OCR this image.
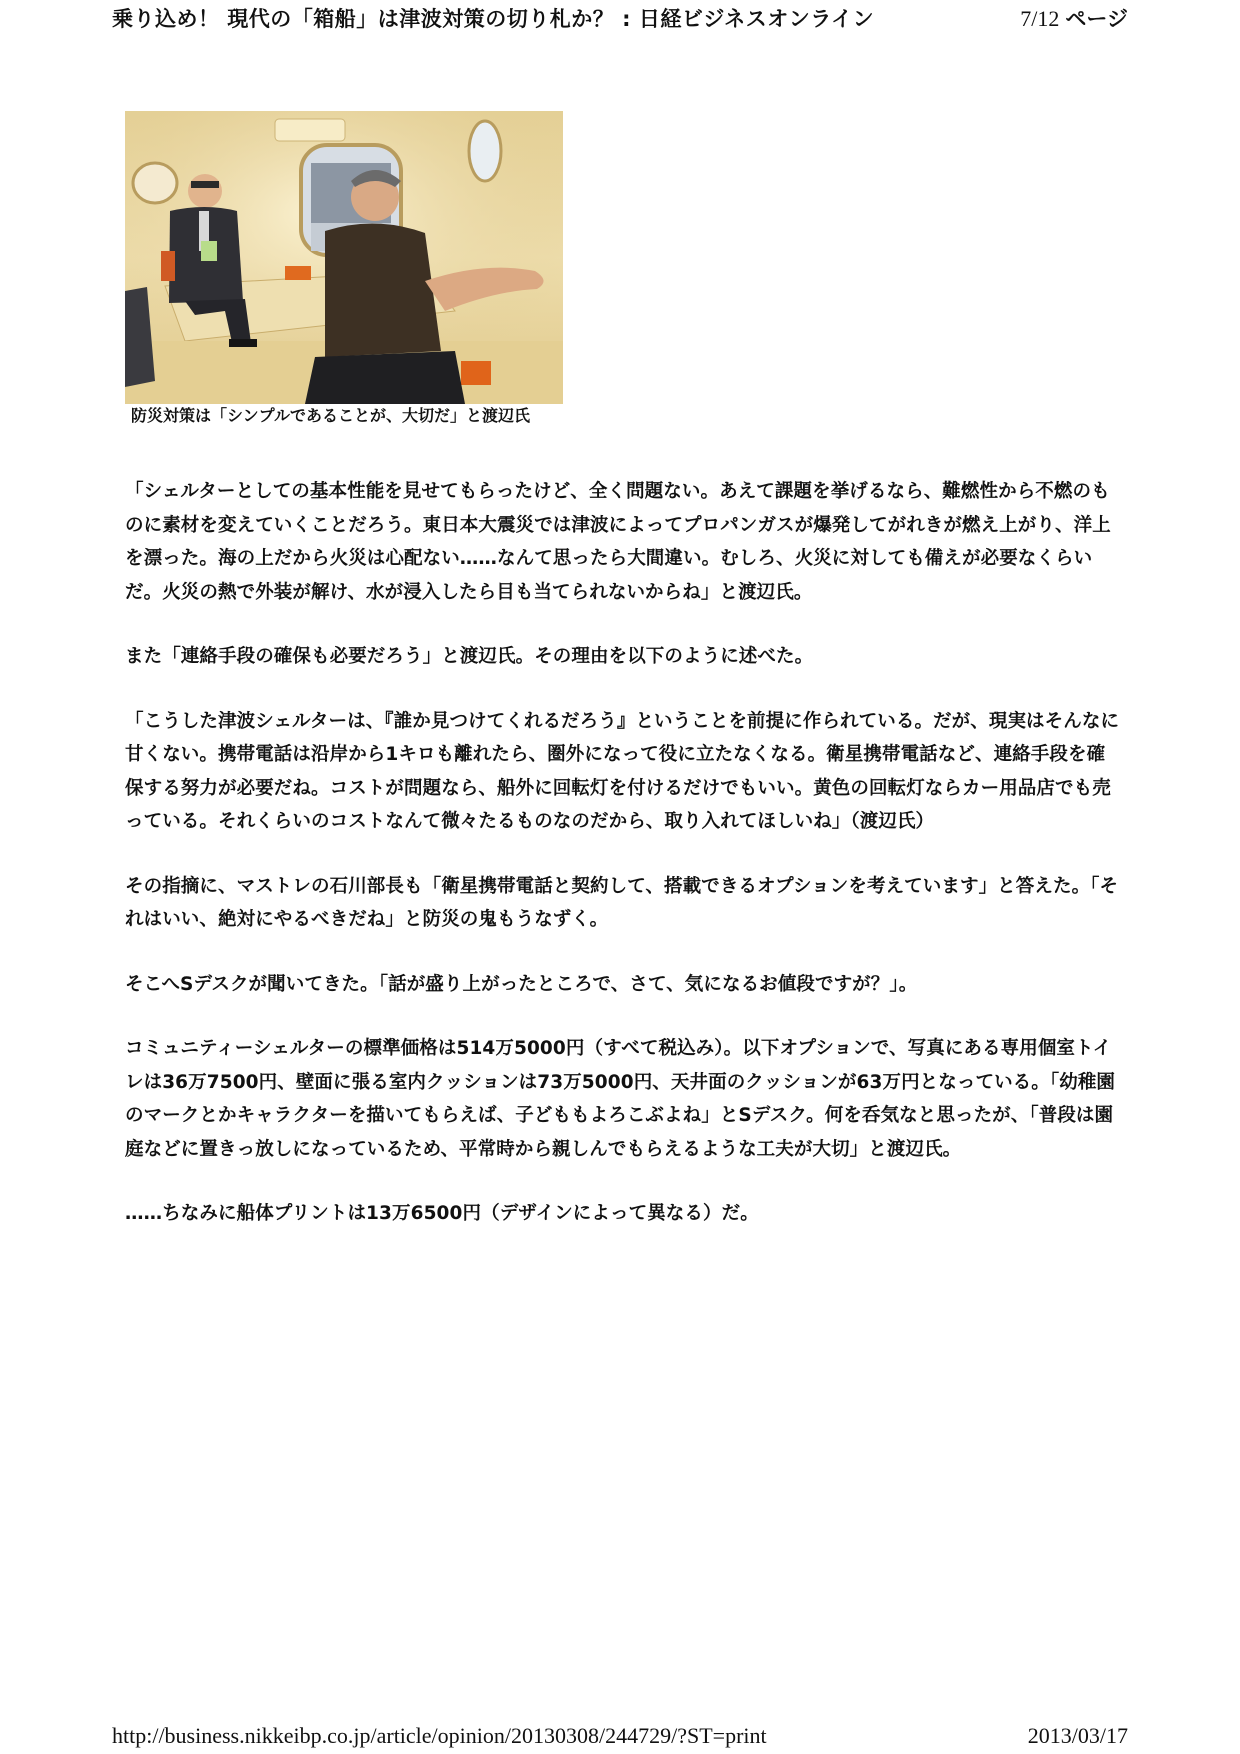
乗り込め！ 現代の「箱船」は津波対策の切り札か？ : 日経ビジネスオンライン	7/12 ページ
防災対策は「シンプルであることが、大切だ」と渡辺氏

「シェルターとしての基本性能を見せてもらったけど、全く問題ない。あえて課題を挙げるなら、難燃性から不燃のものに素材を変えていくことだろう。東日本大震災では津波によってプロパンガスが爆発してがれきが燃え上がり、洋上を漂った。海の上だから火災は心配ない……なんて思ったら大間違い。むしろ、火災に対しても備えが必要なくらいだ。火災の熱で外装が解け、水が浸入したら目も当てられないからね」と渡辺氏。

また「連絡手段の確保も必要だろう」と渡辺氏。その理由を以下のように述べた。

「こうした津波シェルターは、『誰か見つけてくれるだろう』ということを前提に作られている。だが、現実はそんなに甘くない。携帯電話は沿岸から1キロも離れたら、圏外になって役に立たなくなる。衛星携帯電話など、連絡手段を確保する努力が必要だね。コストが問題なら、船外に回転灯を付けるだけでもいい。黄色の回転灯ならカー用品店でも売っている。それくらいのコストなんて微々たるものなのだから、取り入れてほしいね」（渡辺氏）

その指摘に、マストレの石川部長も「衛星携帯電話と契約して、搭載できるオプションを考えています」と答えた。「それはいい、絶対にやるべきだね」と防災の鬼もうなずく。

そこへSデスクが聞いてきた。「話が盛り上がったところで、さて、気になるお値段ですが？」。

コミュニティーシェルターの標準価格は514万5000円（すべて税込み）。以下オプションで、写真にある専用個室トイレは36万7500円、壁面に張る室内クッションは73万5000円、天井面のクッションが63万円となっている。「幼稚園のマークとかキャラクターを描いてもらえば、子どももよろこぶよね」とSデスク。何を呑気なと思ったが、「普段は園庭などに置きっ放しになっているため、平常時から親しんでもらえるような工夫が大切」と渡辺氏。

……ちなみに船体プリントは13万6500円（デザインによって異なる）だ。

http://business.nikkeibp.co.jp/article/opinion/20130308/244729/?ST=print	2013/03/17
